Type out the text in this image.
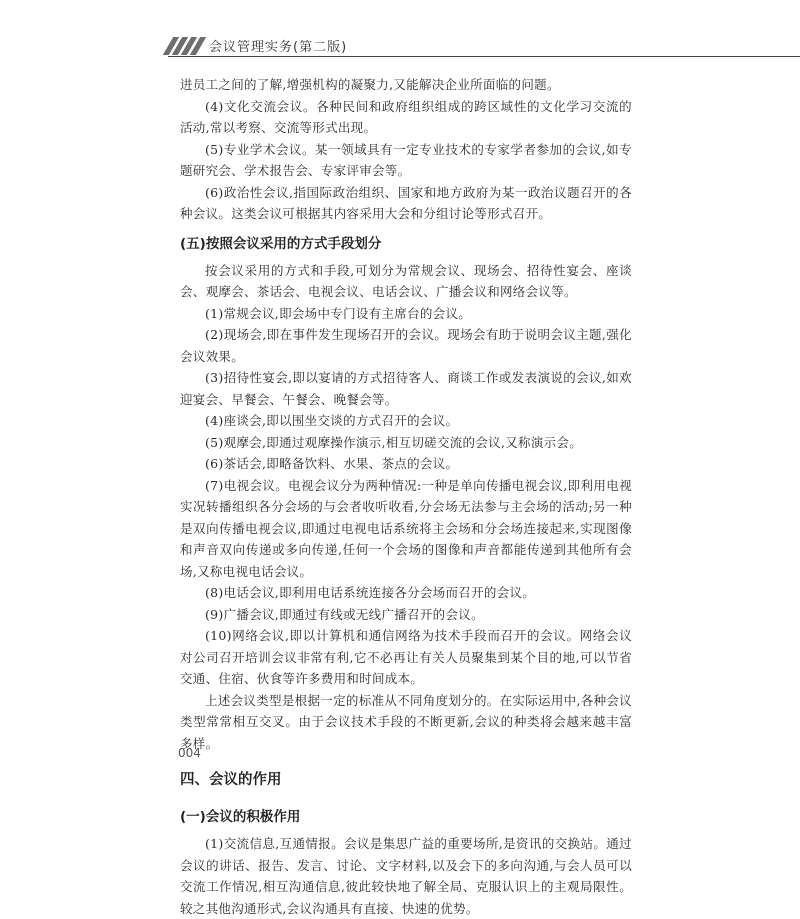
会议管理实务(第二版)

进员工之间的了解,增强机构的凝聚力,又能解决企业所面临的问题。

(4)文化交流会议。各种民间和政府组织组成的跨区域性的文化学习交流的活动,常以考察、交流等形式出现。

(5)专业学术会议。某一领域具有一定专业技术的专家学者参加的会议,如专题研究会、学术报告会、专家评审会等。

(6)政治性会议,指国际政治组织、国家和地方政府为某一政治议题召开的各种会议。这类会议可根据其内容采用大会和分组讨论等形式召开。

(五)按照会议采用的方式手段划分

按会议采用的方式和手段,可划分为常规会议、现场会、招待性宴会、座谈会、观摩会、茶话会、电视会议、电话会议、广播会议和网络会议等。

(1)常规会议,即会场中专门设有主席台的会议。

(2)现场会,即在事件发生现场召开的会议。现场会有助于说明会议主题,强化会议效果。

(3)招待性宴会,即以宴请的方式招待客人、商谈工作或发表演说的会议,如欢迎宴会、早餐会、午餐会、晚餐会等。

(4)座谈会,即以围坐交谈的方式召开的会议。

(5)观摩会,即通过观摩操作演示,相互切磋交流的会议,又称演示会。

(6)茶话会,即略备饮料、水果、茶点的会议。

(7)电视会议。电视会议分为两种情况:一种是单向传播电视会议,即利用电视实况转播组织各分会场的与会者收听收看,分会场无法参与主会场的活动;另一种是双向传播电视会议,即通过电视电话系统将主会场和分会场连接起来,实现图像和声音双向传递或多向传递,任何一个会场的图像和声音都能传递到其他所有会场,又称电视电话会议。

(8)电话会议,即利用电话系统连接各分会场而召开的会议。

(9)广播会议,即通过有线或无线广播召开的会议。

(10)网络会议,即以计算机和通信网络为技术手段而召开的会议。网络会议对公司召开培训会议非常有利,它不必再让有关人员聚集到某个目的地,可以节省交通、住宿、伙食等许多费用和时间成本。

上述会议类型是根据一定的标准从不同角度划分的。在实际运用中,各种会议类型常常相互交叉。由于会议技术手段的不断更新,会议的种类将会越来越丰富多样。

四、会议的作用
(一)会议的积极作用

(1)交流信息,互通情报。会议是集思广益的重要场所,是资讯的交换站。通过会议的讲话、报告、发言、讨论、文字材料,以及会下的多向沟通,与会人员可以交流工作情况,相互沟通信息,彼此较快地了解全局、克服认识上的主观局限性。较之其他沟通形式,会议沟通具有直接、快速的优势。

004
